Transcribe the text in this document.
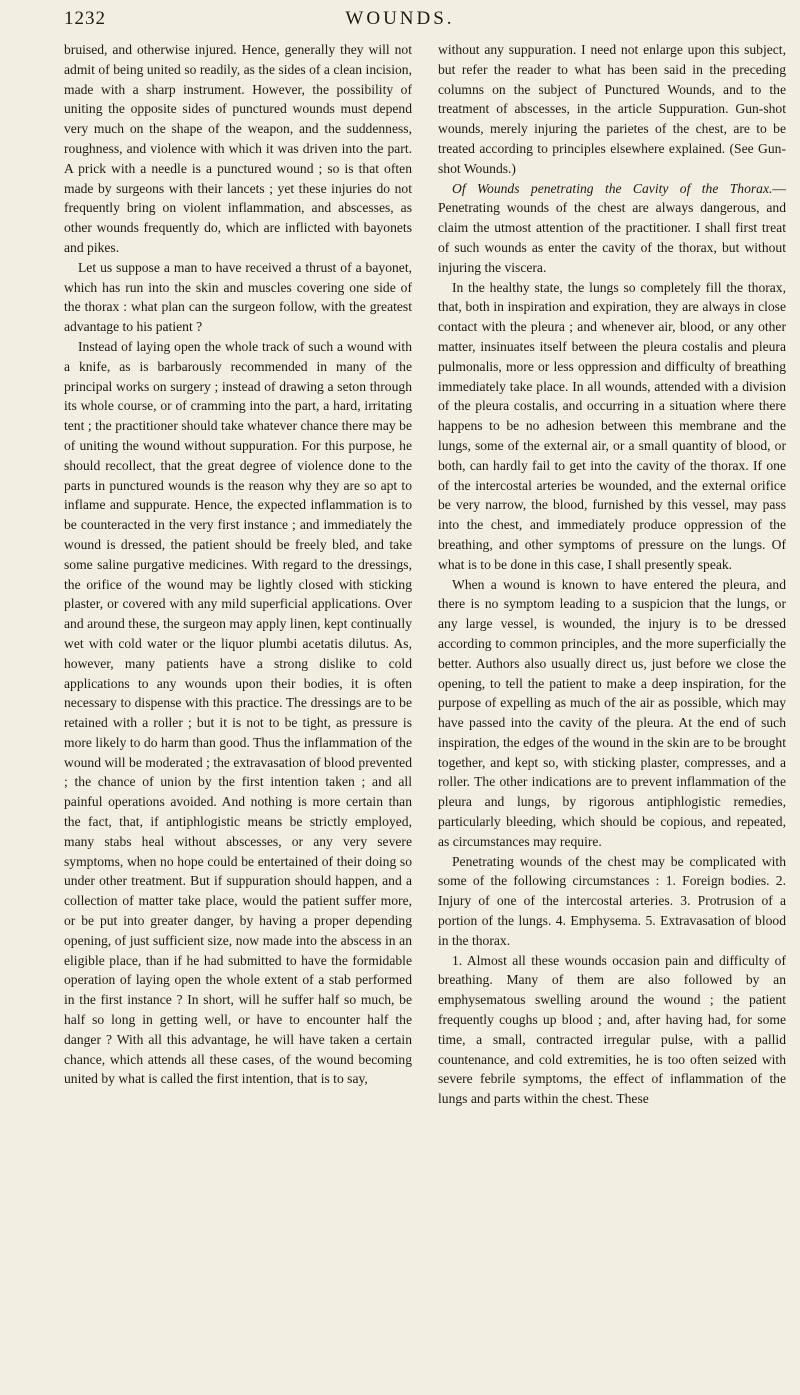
1232	WOUNDS.

bruised, and otherwise injured. Hence, generally they will not admit of being united so readily, as the sides of a clean incision, made with a sharp instrument. However, the possibility of uniting the opposite sides of punctured wounds must depend very much on the shape of the weapon, and the suddenness, roughness, and violence with which it was driven into the part. A prick with a needle is a punctured wound ; so is that often made by surgeons with their lancets ; yet these injuries do not frequently bring on violent inflammation, and abscesses, as other wounds frequently do, which are inflicted with bayonets and pikes.

Let us suppose a man to have received a thrust of a bayonet, which has run into the skin and muscles covering one side of the thorax : what plan can the surgeon follow, with the greatest advantage to his patient ?

Instead of laying open the whole track of such a wound with a knife, as is barbarously recommended in many of the principal works on surgery ; instead of drawing a seton through its whole course, or of cramming into the part, a hard, irritating tent ; the practitioner should take whatever chance there may be of uniting the wound without suppuration. For this purpose, he should recollect, that the great degree of violence done to the parts in punctured wounds is the reason why they are so apt to inflame and suppurate. Hence, the expected inflammation is to be counteracted in the very first instance ; and immediately the wound is dressed, the patient should be freely bled, and take some saline purgative medicines. With regard to the dressings, the orifice of the wound may be lightly closed with sticking plaster, or covered with any mild superficial applications. Over and around these, the surgeon may apply linen, kept continually wet with cold water or the liquor plumbi acetatis dilutus. As, however, many patients have a strong dislike to cold applications to any wounds upon their bodies, it is often necessary to dispense with this practice. The dressings are to be retained with a roller ; but it is not to be tight, as pressure is more likely to do harm than good. Thus the inflammation of the wound will be moderated ; the extravasation of blood prevented ; the chance of union by the first intention taken ; and all painful operations avoided. And nothing is more certain than the fact, that, if antiphlogistic means be strictly employed, many stabs heal without abscesses, or any very severe symptoms, when no hope could be entertained of their doing so under other treatment. But if suppuration should happen, and a collection of matter take place, would the patient suffer more, or be put into greater danger, by having a proper depending opening, of just sufficient size, now made into the abscess in an eligible place, than if he had submitted to have the formidable operation of laying open the whole extent of a stab performed in the first instance ? In short, will he suffer half so much, be half so long in getting well, or have to encounter half the danger ? With all this advantage, he will have taken a certain chance, which attends all these cases, of the wound becoming united by what is called the first intention, that is to say,

without any suppuration. I need not enlarge upon this subject, but refer the reader to what has been said in the preceding columns on the subject of Punctured Wounds, and to the treatment of abscesses, in the article Suppuration. Gun-shot wounds, merely injuring the parietes of the chest, are to be treated according to principles elsewhere explained. (See Gun-shot Wounds.)

Of Wounds penetrating the Cavity of the Thorax.—Penetrating wounds of the chest are always dangerous, and claim the utmost attention of the practitioner. I shall first treat of such wounds as enter the cavity of the thorax, but without injuring the viscera.

In the healthy state, the lungs so completely fill the thorax, that, both in inspiration and expiration, they are always in close contact with the pleura ; and whenever air, blood, or any other matter, insinuates itself between the pleura costalis and pleura pulmonalis, more or less oppression and difficulty of breathing immediately take place. In all wounds, attended with a division of the pleura costalis, and occurring in a situation where there happens to be no adhesion between this membrane and the lungs, some of the external air, or a small quantity of blood, or both, can hardly fail to get into the cavity of the thorax. If one of the intercostal arteries be wounded, and the external orifice be very narrow, the blood, furnished by this vessel, may pass into the chest, and immediately produce oppression of the breathing, and other symptoms of pressure on the lungs. Of what is to be done in this case, I shall presently speak.

When a wound is known to have entered the pleura, and there is no symptom leading to a suspicion that the lungs, or any large vessel, is wounded, the injury is to be dressed according to common principles, and the more superficially the better. Authors also usually direct us, just before we close the opening, to tell the patient to make a deep inspiration, for the purpose of expelling as much of the air as possible, which may have passed into the cavity of the pleura. At the end of such inspiration, the edges of the wound in the skin are to be brought together, and kept so, with sticking plaster, compresses, and a roller. The other indications are to prevent inflammation of the pleura and lungs, by rigorous antiphlogistic remedies, particularly bleeding, which should be copious, and repeated, as circumstances may require.

Penetrating wounds of the chest may be complicated with some of the following circumstances : 1. Foreign bodies. 2. Injury of one of the intercostal arteries. 3. Protrusion of a portion of the lungs. 4. Emphysema. 5. Extravasation of blood in the thorax.

1. Almost all these wounds occasion pain and difficulty of breathing. Many of them are also followed by an emphysematous swelling around the wound ; the patient frequently coughs up blood ; and, after having had, for some time, a small, contracted irregular pulse, with a pallid countenance, and cold extremities, he is too often seized with severe febrile symptoms, the effect of inflammation of the lungs and parts within the chest. These
